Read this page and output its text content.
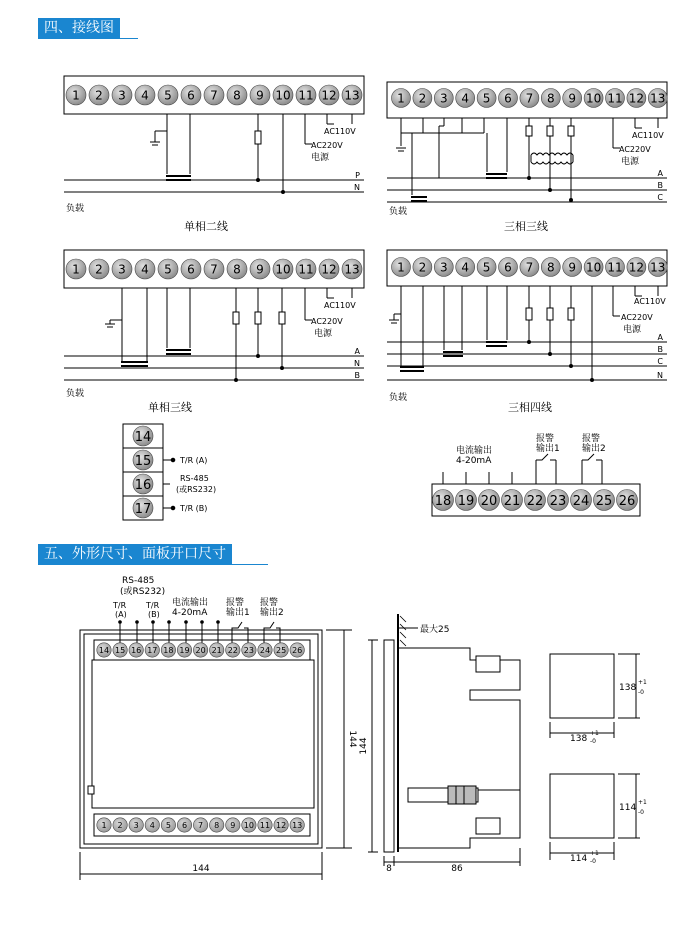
四、接线图
五、外形尺寸、面板开口尺寸
1 2 3 4 5 6 7 8 9 10 11 12 13
P
N
负载
单相二线
AC110V
AC220V
电源
1 2 3 4 5 6 7 8 9 10 11 12 13
A
B
C
负载
三相三线
AC110V
AC220V
电源
1 2 3 4 5 6 7 8 9 10 11 12 13
A
N
B
负载
单相三线
AC110V
AC220V
电源
1 2 3 4 5 6 7 8 9 10 11 12 13
A
B
C
N
负载
三相四线
AC110V
AC220V
电源
14
15
16
17
T/R (A)
RS-485
(或RS232)
T/R (B)	18 19 20 21 22 23 24 25 26
电流输出
4-20mA
报警
输出1
报警
输出2
RS-485
(或RS232)
T/R
(A)
T/R
(B)
电流输出
4-20mA
报警
输出1
报警
输出2
14 15 16 17 18 19 20 21 22 23 24 25 26
1 2 3 4 5 6 7 8 9 10 11 12 13
144
144
最大25
144
8	86
138
+1
-0
138
+1
-0
114
+1
-0
114
+1
-0
